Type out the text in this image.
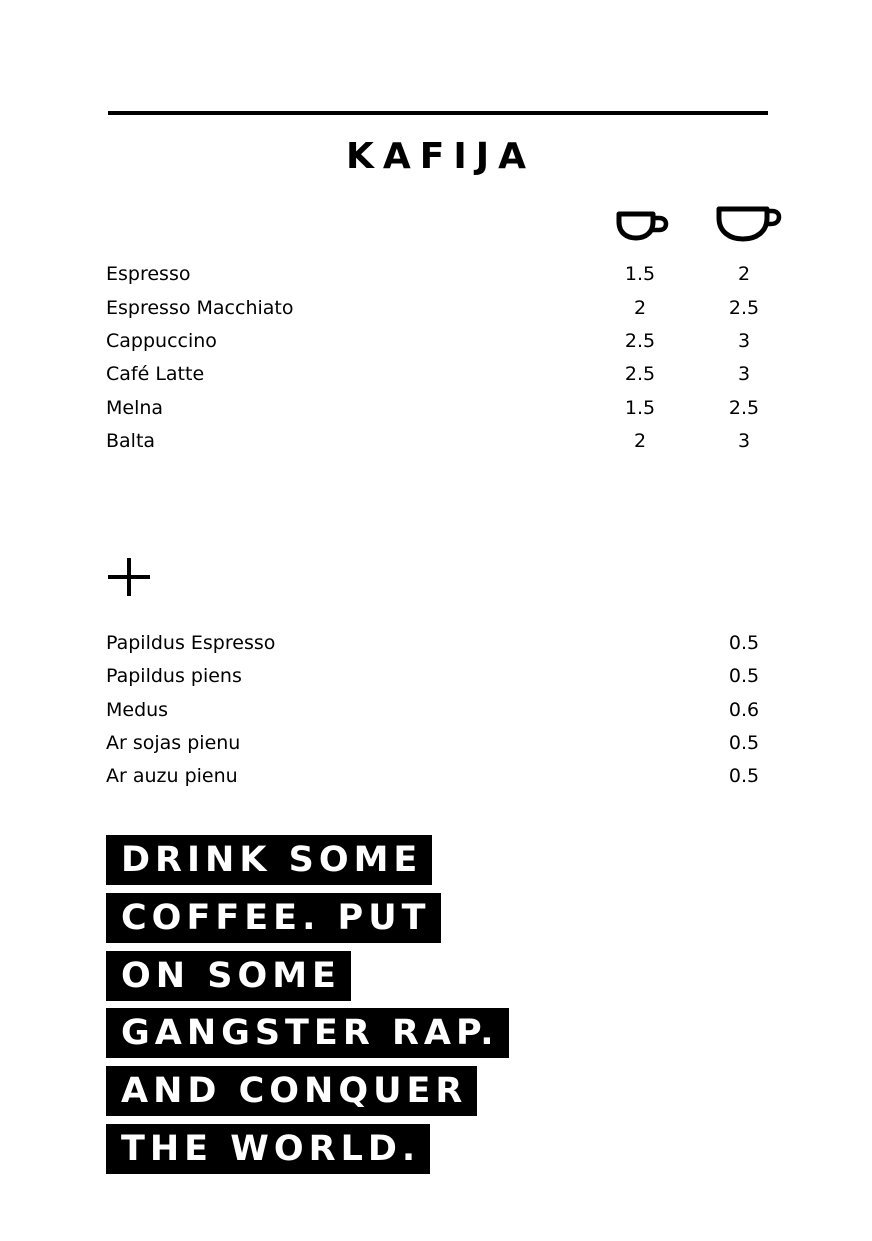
KAFIJA
Espresso	1.5	2
Espresso Macchiato	2	2.5
Cappuccino	2.5	3
Café Latte	2.5	3
Melna	1.5	2.5
Balta	2	3
Papildus Espresso	0.5
Papildus piens	0.5
Medus	0.6
Ar sojas pienu	0.5
Ar auzu pienu	0.5
DRINK SOME
COFFEE. PUT
ON SOME
GANGSTER RAP.
AND CONQUER
THE WORLD.
